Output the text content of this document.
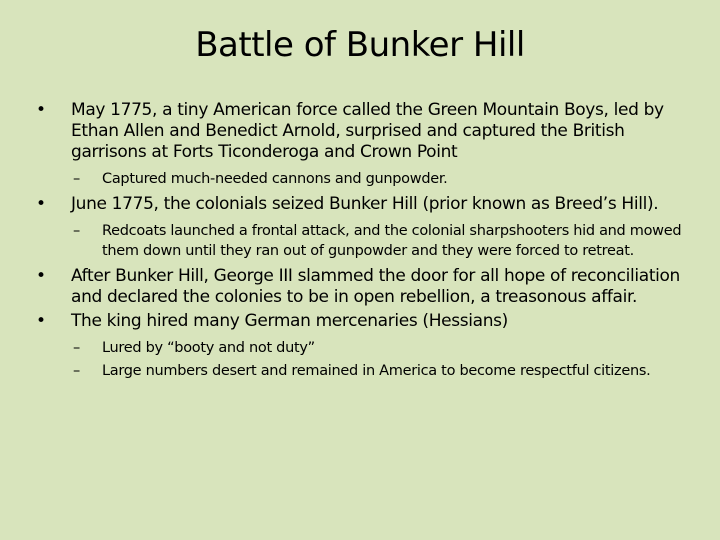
Battle of Bunker Hill
•	May 1775, a tiny American force called the Green Mountain Boys, led by Ethan Allen and Benedict Arnold, surprised and captured the British garrisons at Forts Ticonderoga and Crown Point
– Captured much-needed cannons and gunpowder.
•	June 1775, the colonials seized Bunker Hill (prior known as Breed’s Hill).
– Redcoats launched a frontal attack, and the colonial sharpshooters hid and mowed them down until they ran out of gunpowder and they were forced to retreat.
•	After Bunker Hill, George III slammed the door for all hope of reconciliation and declared the colonies to be in open rebellion, a treasonous affair.
•	The king hired many German mercenaries (Hessians)
– Lured by “booty and not duty”
– Large numbers desert and remained in America to become respectful citizens.
